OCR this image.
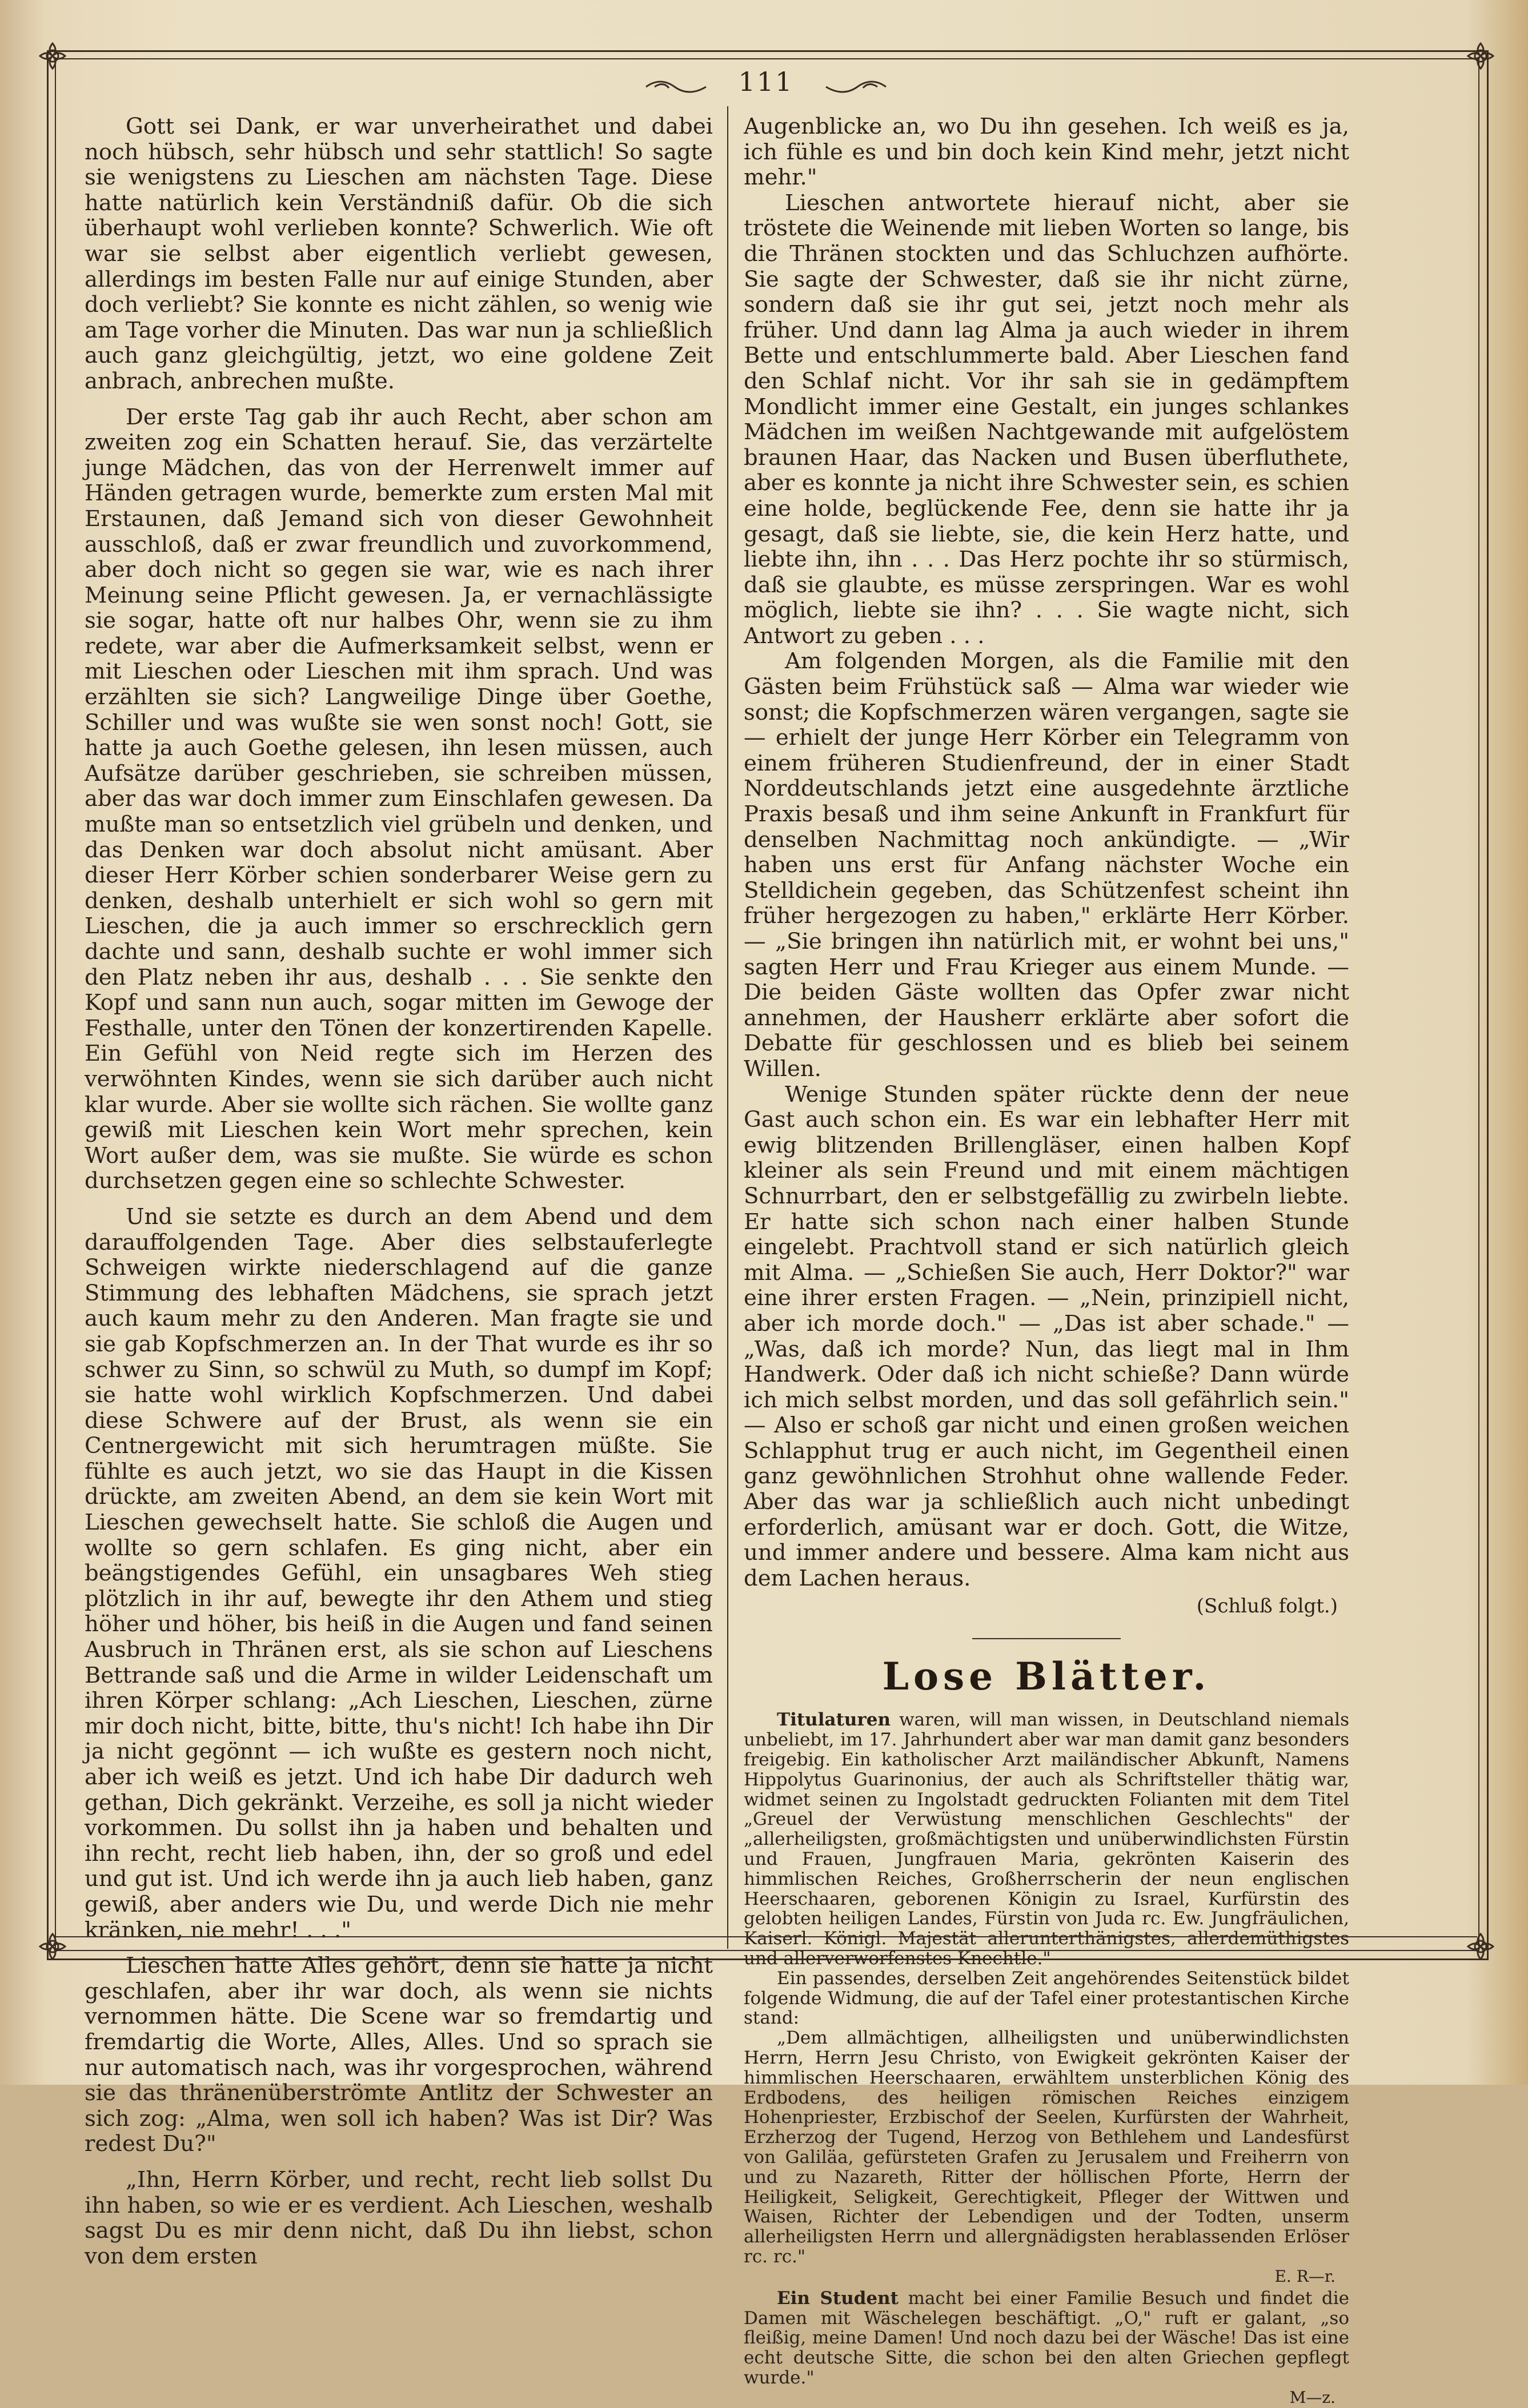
111

Gott sei Dank, er war unverheirathet und dabei noch hübsch, sehr hübsch und sehr stattlich! So sagte sie wenigstens zu Lieschen am nächsten Tage. Diese hatte natürlich kein Verständniß dafür. Ob die sich überhaupt wohl verlieben konnte? Schwerlich. Wie oft war sie selbst aber eigentlich verliebt gewesen, allerdings im besten Falle nur auf einige Stunden, aber doch verliebt? Sie konnte es nicht zählen, so wenig wie am Tage vorher die Minuten. Das war nun ja schließlich auch ganz gleichgültig, jetzt, wo eine goldene Zeit anbrach, anbrechen mußte.

Der erste Tag gab ihr auch Recht, aber schon am zweiten zog ein Schatten herauf. Sie, das verzärtelte junge Mädchen, das von der Herrenwelt immer auf Händen getragen wurde, bemerkte zum ersten Mal mit Erstaunen, daß Jemand sich von dieser Gewohnheit ausschloß, daß er zwar freundlich und zuvorkommend, aber doch nicht so gegen sie war, wie es nach ihrer Meinung seine Pflicht gewesen. Ja, er vernachlässigte sie sogar, hatte oft nur halbes Ohr, wenn sie zu ihm redete, war aber die Aufmerksamkeit selbst, wenn er mit Lieschen oder Lieschen mit ihm sprach. Und was erzählten sie sich? Langweilige Dinge über Goethe, Schiller und was wußte sie wen sonst noch! Gott, sie hatte ja auch Goethe gelesen, ihn lesen müssen, auch Aufsätze darüber geschrieben, sie schreiben müssen, aber das war doch immer zum Einschlafen gewesen. Da mußte man so entsetzlich viel grübeln und denken, und das Denken war doch absolut nicht amüsant. Aber dieser Herr Körber schien sonderbarer Weise gern zu denken, deshalb unterhielt er sich wohl so gern mit Lieschen, die ja auch immer so erschrecklich gern dachte und sann, deshalb suchte er wohl immer sich den Platz neben ihr aus, deshalb . . . Sie senkte den Kopf und sann nun auch, sogar mitten im Gewoge der Festhalle, unter den Tönen der konzertirenden Kapelle. Ein Gefühl von Neid regte sich im Herzen des verwöhnten Kindes, wenn sie sich darüber auch nicht klar wurde. Aber sie wollte sich rächen. Sie wollte ganz gewiß mit Lieschen kein Wort mehr sprechen, kein Wort außer dem, was sie mußte. Sie würde es schon durchsetzen gegen eine so schlechte Schwester.

Und sie setzte es durch an dem Abend und dem darauffolgenden Tage. Aber dies selbstauferlegte Schweigen wirkte niederschlagend auf die ganze Stimmung des lebhaften Mädchens, sie sprach jetzt auch kaum mehr zu den Anderen. Man fragte sie und sie gab Kopfschmerzen an. In der That wurde es ihr so schwer zu Sinn, so schwül zu Muth, so dumpf im Kopf; sie hatte wohl wirklich Kopfschmerzen. Und dabei diese Schwere auf der Brust, als wenn sie ein Centnergewicht mit sich herumtragen müßte. Sie fühlte es auch jetzt, wo sie das Haupt in die Kissen drückte, am zweiten Abend, an dem sie kein Wort mit Lieschen gewechselt hatte. Sie schloß die Augen und wollte so gern schlafen. Es ging nicht, aber ein beängstigendes Gefühl, ein unsagbares Weh stieg plötzlich in ihr auf, bewegte ihr den Athem und stieg höher und höher, bis heiß in die Augen und fand seinen Ausbruch in Thränen erst, als sie schon auf Lieschens Bettrande saß und die Arme in wilder Leidenschaft um ihren Körper schlang: „Ach Lieschen, Lieschen, zürne mir doch nicht, bitte, bitte, thu's nicht! Ich habe ihn Dir ja nicht gegönnt — ich wußte es gestern noch nicht, aber ich weiß es jetzt. Und ich habe Dir dadurch weh gethan, Dich gekränkt. Verzeihe, es soll ja nicht wieder vorkommen. Du sollst ihn ja haben und behalten und ihn recht, recht lieb haben, ihn, der so groß und edel und gut ist. Und ich werde ihn ja auch lieb haben, ganz gewiß, aber anders wie Du, und werde Dich nie mehr kränken, nie mehr! . . ."

Lieschen hatte Alles gehört, denn sie hatte ja nicht geschlafen, aber ihr war doch, als wenn sie nichts vernommen hätte. Die Scene war so fremdartig und fremdartig die Worte, Alles, Alles. Und so sprach sie nur automatisch nach, was ihr vorgesprochen, während sie das thränenüberströmte Antlitz der Schwester an sich zog: „Alma, wen soll ich haben? Was ist Dir? Was redest Du?"

„Ihn, Herrn Körber, und recht, recht lieb sollst Du ihn haben, so wie er es verdient. Ach Lieschen, weshalb sagst Du es mir denn nicht, daß Du ihn liebst, schon von dem ersten

Augenblicke an, wo Du ihn gesehen. Ich weiß es ja, ich fühle es und bin doch kein Kind mehr, jetzt nicht mehr."

Lieschen antwortete hierauf nicht, aber sie tröstete die Weinende mit lieben Worten so lange, bis die Thränen stockten und das Schluchzen aufhörte. Sie sagte der Schwester, daß sie ihr nicht zürne, sondern daß sie ihr gut sei, jetzt noch mehr als früher. Und dann lag Alma ja auch wieder in ihrem Bette und entschlummerte bald. Aber Lieschen fand den Schlaf nicht. Vor ihr sah sie in gedämpftem Mondlicht immer eine Gestalt, ein junges schlankes Mädchen im weißen Nachtgewande mit aufgelöstem braunen Haar, das Nacken und Busen überfluthete, aber es konnte ja nicht ihre Schwester sein, es schien eine holde, beglückende Fee, denn sie hatte ihr ja gesagt, daß sie liebte, sie, die kein Herz hatte, und liebte ihn, ihn . . . Das Herz pochte ihr so stürmisch, daß sie glaubte, es müsse zerspringen. War es wohl möglich, liebte sie ihn? . . . Sie wagte nicht, sich Antwort zu geben . . .

Am folgenden Morgen, als die Familie mit den Gästen beim Frühstück saß — Alma war wieder wie sonst; die Kopfschmerzen wären vergangen, sagte sie — erhielt der junge Herr Körber ein Telegramm von einem früheren Studienfreund, der in einer Stadt Norddeutschlands jetzt eine ausgedehnte ärztliche Praxis besaß und ihm seine Ankunft in Frankfurt für denselben Nachmittag noch ankündigte. — „Wir haben uns erst für Anfang nächster Woche ein Stelldichein gegeben, das Schützenfest scheint ihn früher hergezogen zu haben," erklärte Herr Körber. — „Sie bringen ihn natürlich mit, er wohnt bei uns," sagten Herr und Frau Krieger aus einem Munde. — Die beiden Gäste wollten das Opfer zwar nicht annehmen, der Hausherr erklärte aber sofort die Debatte für geschlossen und es blieb bei seinem Willen.

Wenige Stunden später rückte denn der neue Gast auch schon ein. Es war ein lebhafter Herr mit ewig blitzenden Brillengläser, einen halben Kopf kleiner als sein Freund und mit einem mächtigen Schnurrbart, den er selbstgefällig zu zwirbeln liebte. Er hatte sich schon nach einer halben Stunde eingelebt. Prachtvoll stand er sich natürlich gleich mit Alma. — „Schießen Sie auch, Herr Doktor?" war eine ihrer ersten Fragen. — „Nein, prinzipiell nicht, aber ich morde doch." — „Das ist aber schade." — „Was, daß ich morde? Nun, das liegt mal in Ihm Handwerk. Oder daß ich nicht schieße? Dann würde ich mich selbst morden, und das soll gefährlich sein." — Also er schoß gar nicht und einen großen weichen Schlapphut trug er auch nicht, im Gegentheil einen ganz gewöhnlichen Strohhut ohne wallende Feder. Aber das war ja schließlich auch nicht unbedingt erforderlich, amüsant war er doch. Gott, die Witze, und immer andere und bessere. Alma kam nicht aus dem Lachen heraus.

(Schluß folgt.)

Lose Blätter.

Titulaturen waren, will man wissen, in Deutschland niemals unbeliebt, im 17. Jahrhundert aber war man damit ganz besonders freigebig. Ein katholischer Arzt mailändischer Abkunft, Namens Hippolytus Guarinonius, der auch als Schriftsteller thätig war, widmet seinen zu Ingolstadt gedruckten Folianten mit dem Titel „Greuel der Verwüstung menschlichen Geschlechts" der „allerheiligsten, großmächtigsten und unüberwindlichsten Fürstin und Frauen, Jungfrauen Maria, gekrönten Kaiserin des himmlischen Reiches, Großherrscherin der neun englischen Heerschaaren, geborenen Königin zu Israel, Kurfürstin des gelobten heiligen Landes, Fürstin von Juda rc. Ew. Jungfräulichen, Kaiserl. Königl. Majestät allerunterthänigstes, allerdemüthigstes und allerverworfenstes Knechtle."

Ein passendes, derselben Zeit angehörendes Seitenstück bildet folgende Widmung, die auf der Tafel einer protestantischen Kirche stand:

„Dem allmächtigen, allheiligsten und unüberwindlichsten Herrn, Herrn Jesu Christo, von Ewigkeit gekrönten Kaiser der himmlischen Heerschaaren, erwähltem unsterblichen König des Erdbodens, des heiligen römischen Reiches einzigem Hohenpriester, Erzbischof der Seelen, Kurfürsten der Wahrheit, Erzherzog der Tugend, Herzog von Bethlehem und Landesfürst von Galiläa, gefürsteten Grafen zu Jerusalem und Freiherrn von und zu Nazareth, Ritter der höllischen Pforte, Herrn der Heiligkeit, Seligkeit, Gerechtigkeit, Pfleger der Wittwen und Waisen, Richter der Lebendigen und der Todten, unserm allerheiligsten Herrn und allergnädigsten herablassenden Erlöser rc. rc."

E. R—r.

Ein Student macht bei einer Familie Besuch und findet die Damen mit Wäschelegen beschäftigt. „O," ruft er galant, „so fleißig, meine Damen! Und noch dazu bei der Wäsche! Das ist eine echt deutsche Sitte, die schon bei den alten Griechen gepflegt wurde."

M—z.
